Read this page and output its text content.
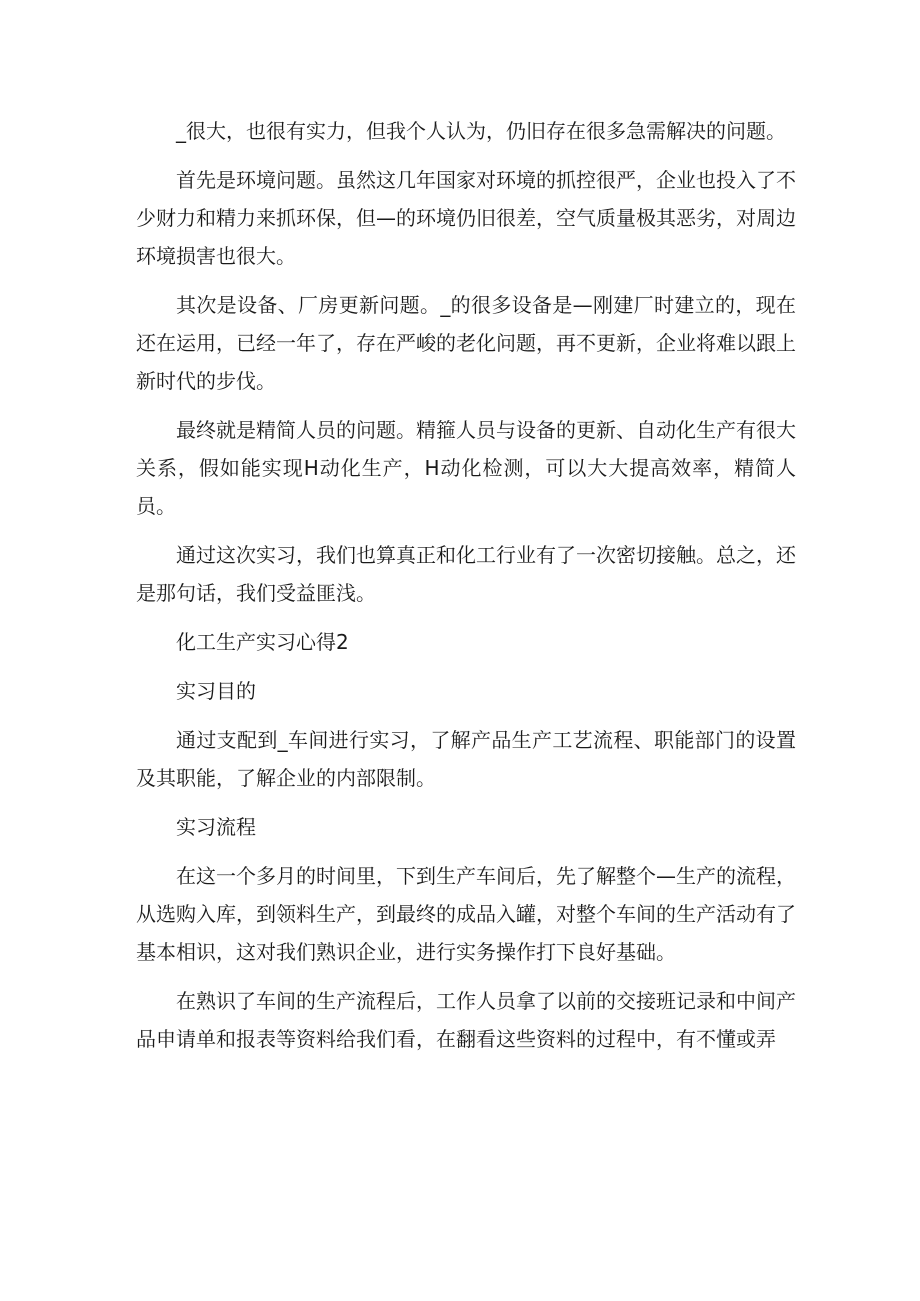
_很大，也很有实力，但我个人认为，仍旧存在很多急需解决的问题。

首先是环境问题。虽然这几年国家对环境的抓控很严，企业也投入了不少财力和精力来抓环保，但—的环境仍旧很差，空气质量极其恶劣，对周边环境损害也很大。

其次是设备、厂房更新问题。_的很多设备是—刚建厂时建立的，现在还在运用，已经一年了，存在严峻的老化问题，再不更新，企业将难以跟上新时代的步伐。

最终就是精简人员的问题。精箍人员与设备的更新、自动化生产有很大关系，假如能实现H动化生产，H动化检测，可以大大提高效率，精简人员。

通过这次实习，我们也算真正和化工行业有了一次密切接触。总之，还是那句话，我们受益匪浅。

化工生产实习心得2

实习目的

通过支配到_车间进行实习，了解产品生产工艺流程、职能部门的设置及其职能，了解企业的内部限制。

实习流程

在这一个多月的时间里，下到生产车间后，先了解整个—生产的流程，从选购入库，到领料生产，到最终的成品入罐，对整个车间的生产活动有了基本相识，这对我们熟识企业，进行实务操作打下良好基础。

在熟识了车间的生产流程后，工作人员拿了以前的交接班记录和中间产品申请单和报表等资料给我们看，在翻看这些资料的过程中，有不懂或弄
